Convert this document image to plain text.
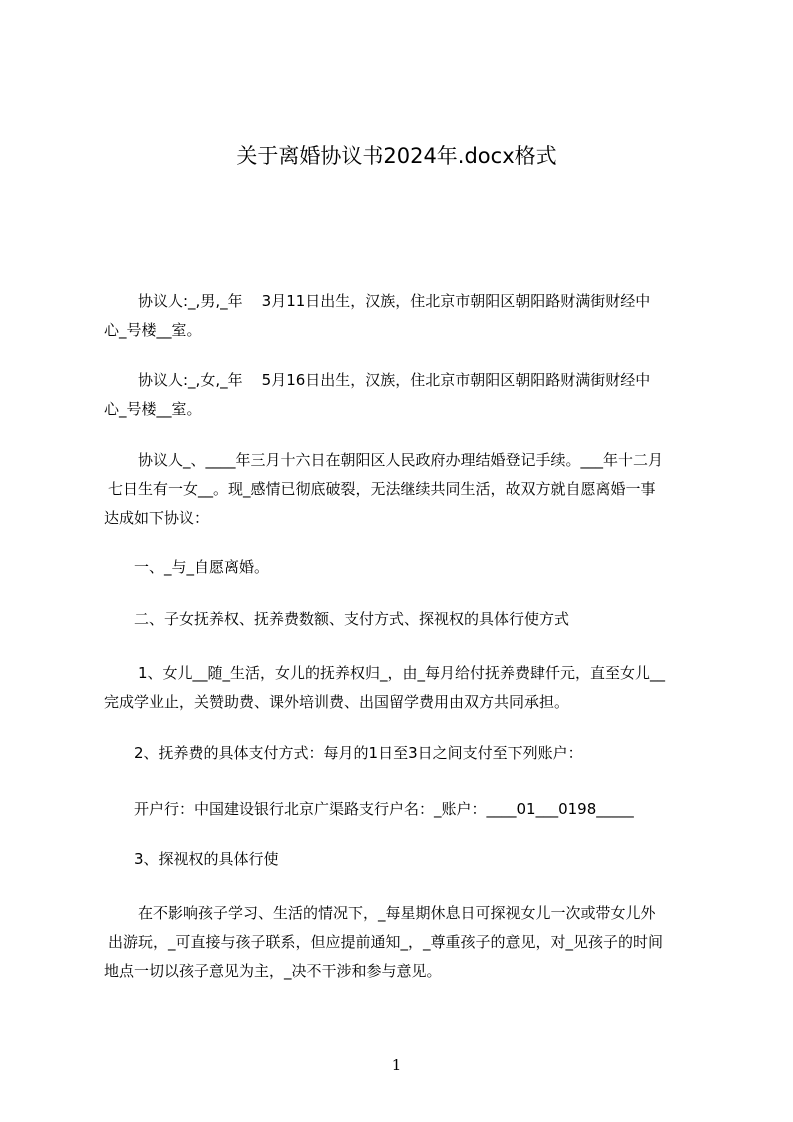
关于离婚协议书2024年.docx格式
协议人:_,男,_年    3月11日出生，汉族，住北京市朝阳区朝阳路财满街财经中
心_号楼__室。
协议人:_,女,_年    5月16日出生，汉族，住北京市朝阳区朝阳路财满街财经中
心_号楼__室。
协议人_、____年三月十六日在朝阳区人民政府办理结婚登记手续。___年十二月
七日生有一女__。现_感情已彻底破裂，无法继续共同生活，故双方就自愿离婚一事
达成如下协议：
一、_与_自愿离婚。
二、子女抚养权、抚养费数额、支付方式、探视权的具体行使方式
1、女儿__随_生活，女儿的抚养权归_，由_每月给付抚养费肆仟元，直至女儿__
完成学业止，关赞助费、课外培训费、出国留学费用由双方共同承担。
2、抚养费的具体支付方式：每月的1日至3日之间支付至下列账户：
开户行：中国建设银行北京广渠路支行户名：_账户：____01___0198_____
3、探视权的具体行使
在不影响孩子学习、生活的情况下，_每星期休息日可探视女儿一次或带女儿外
出游玩，_可直接与孩子联系，但应提前通知_，_尊重孩子的意见，对_见孩子的时间
地点一切以孩子意见为主，_决不干涉和参与意见。
1
